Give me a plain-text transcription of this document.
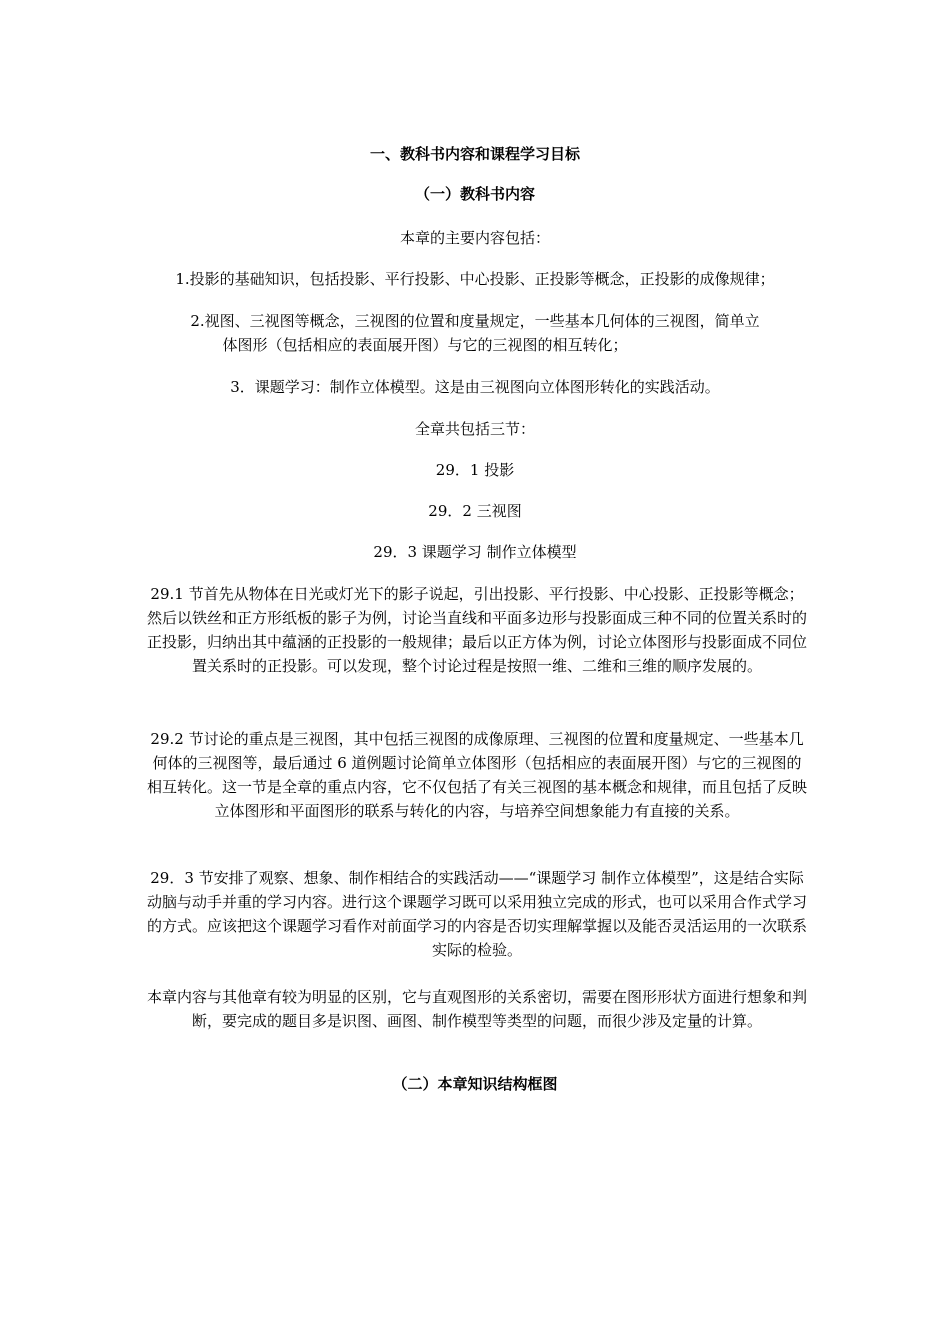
一、教科书内容和课程学习目标
（一）教科书内容
本章的主要内容包括：
1.投影的基础知识，包括投影、平行投影、中心投影、正投影等概念，正投影的成像规律；
2.视图、三视图等概念，三视图的位置和度量规定，一些基本几何体的三视图，简单立
体图形（包括相应的表面展开图）与它的三视图的相互转化；
3．课题学习：制作立体模型。这是由三视图向立体图形转化的实践活动。
全章共包括三节：
29．1 投影
29．2 三视图
29．3 课题学习 制作立体模型
29.1 节首先从物体在日光或灯光下的影子说起，引出投影、平行投影、中心投影、正投影等概念；然后以铁丝和正方形纸板的影子为例，讨论当直线和平面多边形与投影面成三种不同的位置关系时的正投影，归纳出其中蕴涵的正投影的一般规律；最后以正方体为例，讨论立体图形与投影面成不同位置关系时的正投影。可以发现，整个讨论过程是按照一维、二维和三维的顺序发展的。
29.2 节讨论的重点是三视图，其中包括三视图的成像原理、三视图的位置和度量规定、一些基本几何体的三视图等，最后通过 6 道例题讨论简单立体图形（包括相应的表面展开图）与它的三视图的相互转化。这一节是全章的重点内容，它不仅包括了有关三视图的基本概念和规律，而且包括了反映立体图形和平面图形的联系与转化的内容，与培养空间想象能力有直接的关系。
29．3 节安排了观察、想象、制作相结合的实践活动——“课题学习 制作立体模型”，这是结合实际动脑与动手并重的学习内容。进行这个课题学习既可以采用独立完成的形式，也可以采用合作式学习的方式。应该把这个课题学习看作对前面学习的内容是否切实理解掌握以及能否灵活运用的一次联系实际的检验。
本章内容与其他章有较为明显的区别，它与直观图形的关系密切，需要在图形形状方面进行想象和判断，要完成的题目多是识图、画图、制作模型等类型的问题，而很少涉及定量的计算。
（二）本章知识结构框图
